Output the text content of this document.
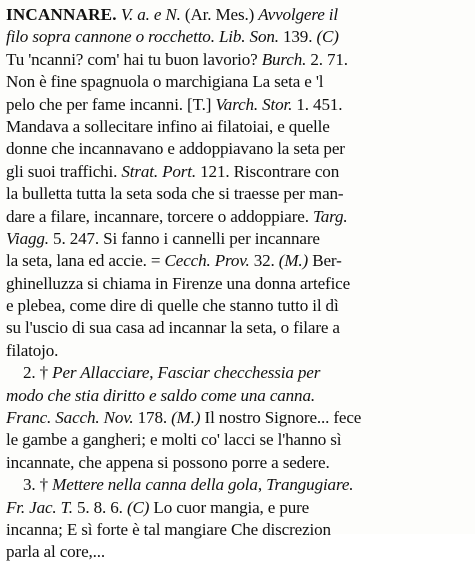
INCANNARE. V. a. e N. (Ar. Mes.) Avvolgere il
filo sopra cannone o rocchetto. Lib. Son. 139. (C)
Tu 'ncanni? com' hai tu buon lavorio? Burch. 2. 71.
Non è fine spagnuola o marchigiana La seta e 'l
pelo che per fame incanni. [T.] Varch. Stor. 1. 451.
Mandava a sollecitare infino ai filatoiai, e quelle
donne che incannavano e addoppiavano la seta per
gli suoi traffichi. Strat. Port. 121. Riscontrare con
la bulletta tutta la seta soda che si traesse per man-
dare a filare, incannare, torcere o addoppiare. Targ.
Viagg. 5. 247. Si fanno i cannelli per incannare
la seta, lana ed accie. = Cecch. Prov. 32. (M.) Ber-
ghinelluzza si chiama in Firenze una donna artefice
e plebea, come dire di quelle che stanno tutto il dì
su l'uscio di sua casa ad incannar la seta, o filare a
filatojo.
2. † Per Allacciare, Fasciar checchessia per
modo che stia diritto e saldo come una canna.
Franc. Sacch. Nov. 178. (M.) Il nostro Signore... fece
le gambe a gangheri; e molti co' lacci se l'hanno sì
incannate, che appena si possono porre a sedere.
3. † Mettere nella canna della gola, Trangugiare.
Fr. Jac. T. 5. 8. 6. (C) Lo cuor mangia, e pure
incanna; E sì forte è tal mangiare Che discrezion
parla al core,...
